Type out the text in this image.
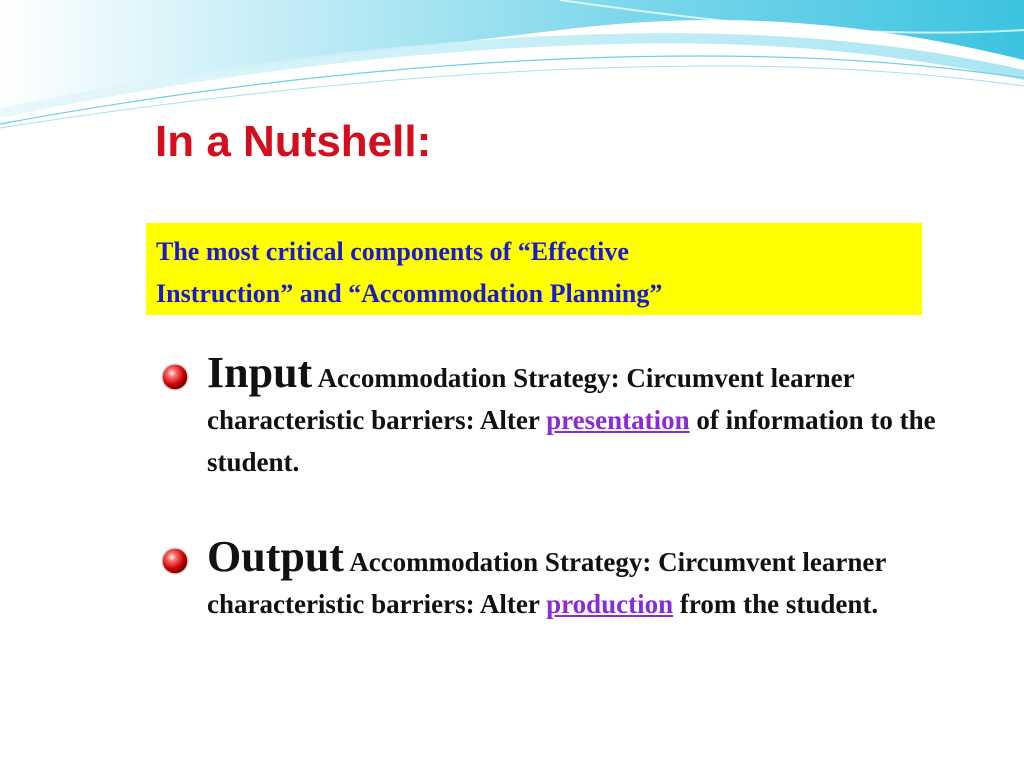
In a Nutshell:
The most critical components of “Effective
Instruction” and “Accommodation Planning”
Input Accommodation Strategy: Circumvent learner characteristic barriers: Alter presentation of information to the student.
Output Accommodation Strategy: Circumvent learner characteristic barriers: Alter production from the student.
